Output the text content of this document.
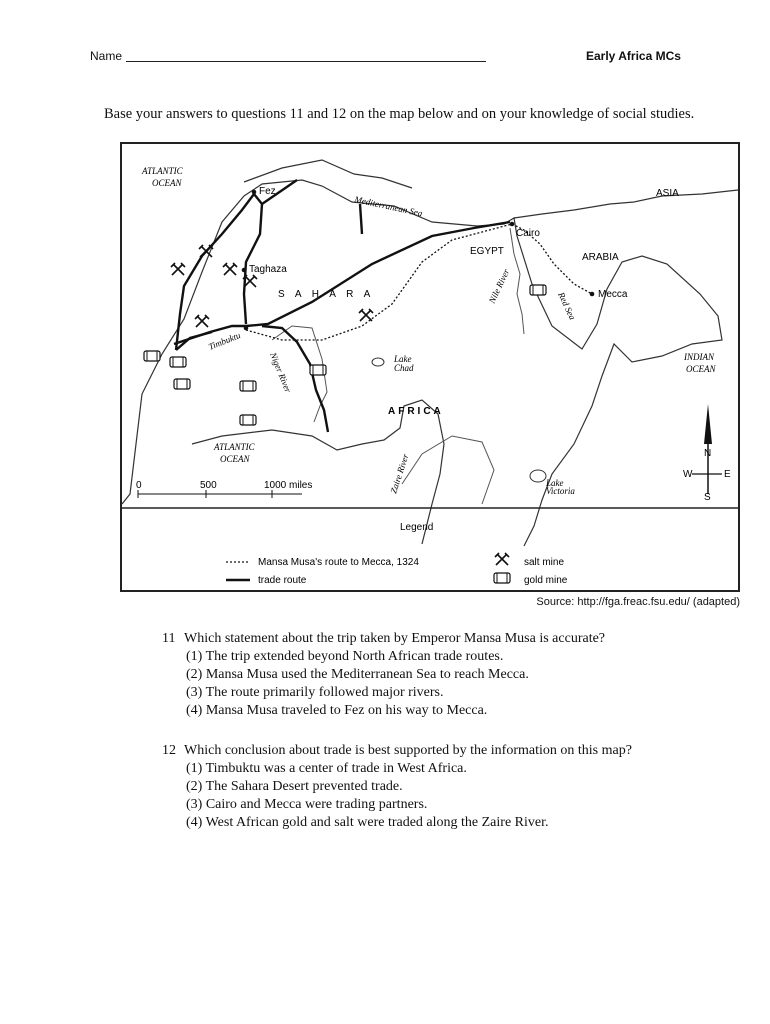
Name	Early Africa MCs
Base your answers to questions 11 and 12 on the map below and on your knowledge of social studies.
ATLANTIC
OCEAN
Mediterranean Sea
ASIA
Fez
Taghaza
S A H A R A
EGYPT
Cairo
ARABIA
Mecca
Nile River
Red Sea
Timbuktu
Niger River	Lake
Chad
AFRICA
INDIAN
OCEAN
ATLANTIC
OCEAN	Zaire River	Lake
Victoria
N
S
W	E
0	500	1000 miles
Legend
Mansa Musa's route to Mecca, 1324
trade route
salt mine
gold mine
Source: http://fga.freac.fsu.edu/ (adapted)
11 Which statement about the trip taken by Emperor Mansa Musa is accurate?
(1) The trip extended beyond North African trade routes.
(2) Mansa Musa used the Mediterranean Sea to reach Mecca.
(3) The route primarily followed major rivers.
(4) Mansa Musa traveled to Fez on his way to Mecca.
12 Which conclusion about trade is best supported by the information on this map?
(1) Timbuktu was a center of trade in West Africa.
(2) The Sahara Desert prevented trade.
(3) Cairo and Mecca were trading partners.
(4) West African gold and salt were traded along the Zaire River.
